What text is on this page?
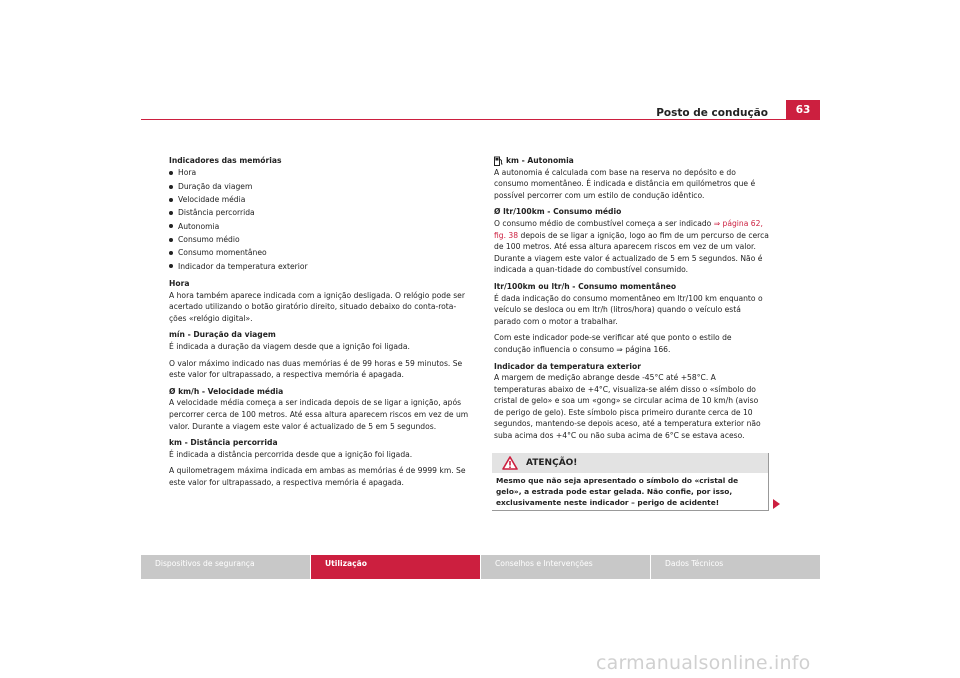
Posto de condução	63
Indicadores das memórias
Hora
Duração da viagem
Velocidade média
Distância percorrida
Autonomia
Consumo médio
Consumo momentâneo
Indicador da temperatura exterior
Hora
A hora também aparece indicada com a ignição desligada. O relógio pode ser acertado utilizando o botão giratório direito, situado debaixo do conta-rota-ções «relógio digital».
mín - Duração da viagem
É indicada a duração da viagem desde que a ignição foi ligada.
O valor máximo indicado nas duas memórias é de 99 horas e 59 minutos. Se este valor for ultrapassado, a respectiva memória é apagada.
Ø km/h - Velocidade média
A velocidade média começa a ser indicada depois de se ligar a ignição, após percorrer cerca de 100 metros. Até essa altura aparecem riscos em vez de um valor. Durante a viagem este valor é actualizado de 5 em 5 segundos.
km - Distância percorrida
É indicada a distância percorrida desde que a ignição foi ligada.
A quilometragem máxima indicada em ambas as memórias é de 9999 km. Se este valor for ultrapassado, a respectiva memória é apagada.
km - Autonomia
A autonomia é calculada com base na reserva no depósito e do consumo momentâneo. É indicada e distância em quilómetros que é possível percorrer com um estilo de condução idêntico.
Ø ltr/100km - Consumo médio
O consumo médio de combustível começa a ser indicado ⇒ página 62, fig. 38 depois de se ligar a ignição, logo ao fim de um percurso de cerca de 100 metros. Até essa altura aparecem riscos em vez de um valor. Durante a viagem este valor é actualizado de 5 em 5 segundos. Não é indicada a quan-tidade do combustível consumido.
ltr/100km ou ltr/h - Consumo momentâneo
É dada indicação do consumo momentâneo em ltr/100 km enquanto o veículo se desloca ou em ltr/h (litros/hora) quando o veículo está parado com o motor a trabalhar.
Com este indicador pode-se verificar até que ponto o estilo de condução influencia o consumo ⇒ página 166.
Indicador da temperatura exterior
A margem de medição abrange desde -45°C até +58°C. A temperaturas abaixo de +4°C, visualiza-se além disso o «símbolo do cristal de gelo» e soa um «gong» se circular acima de 10 km/h (aviso de perigo de gelo). Este símbolo pisca primeiro durante cerca de 10 segundos, mantendo-se depois aceso, até a temperatura exterior não suba acima dos +4°C ou não suba acima de 6°C se estava aceso.
ATENÇÃO!
Mesmo que não seja apresentado o símbolo do «cristal de gelo», a estrada pode estar gelada. Não confie, por isso, exclusivamente neste indicador – perigo de acidente!
Dispositivos de segurança	Utilização	Conselhos e Intervenções	Dados Técnicos
carmanualsonline.info
